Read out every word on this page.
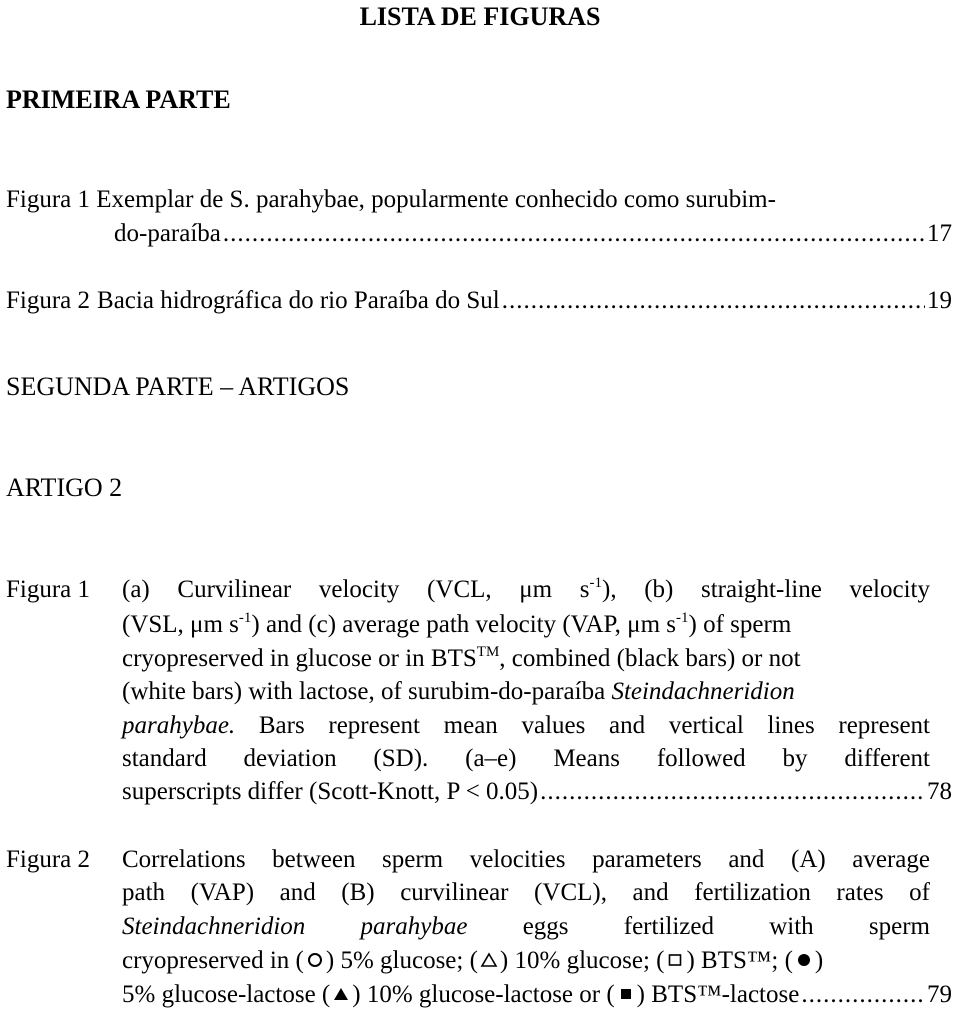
LISTA DE FIGURAS
PRIMEIRA PARTE
Figura 1 Exemplar de S. parahybae, popularmente conhecido como surubim-
do-paraíba .....	17
Figura 2 Bacia hidrográfica do rio Paraíba do Sul .....	19
SEGUNDA PARTE – ARTIGOS
ARTIGO 2
Figura 1 (a) Curvilinear velocity (VCL, μm $s^{-1}$), (b) straight-line velocity
(VSL, μm $s^{-1}$) and (c) average path velocity (VAP, μm $s^{-1}$) of sperm
cryopreserved in glucose or in BTS™, combined (black bars) or not
(white bars) with lactose, of surubim-do-paraíba Steindachneridion
parahybae. Bars represent mean values and vertical lines represent
standard deviation (SD). (a–e) Means followed by different
superscripts differ (Scott-Knott, P < 0.05) .....	78
Figura 2 Correlations between sperm velocities parameters and (A) average
path (VAP) and (B) curvilinear (VCL), and fertilization rates of
Steindachneridion parahybae eggs fertilized with sperm
cryopreserved in ( ) 5% glucose; ( ) 10% glucose; ( ) BTS™; ( )
5% glucose-lactose ( ) 10% glucose-lactose or ( ) BTS™-lactose .....	79
